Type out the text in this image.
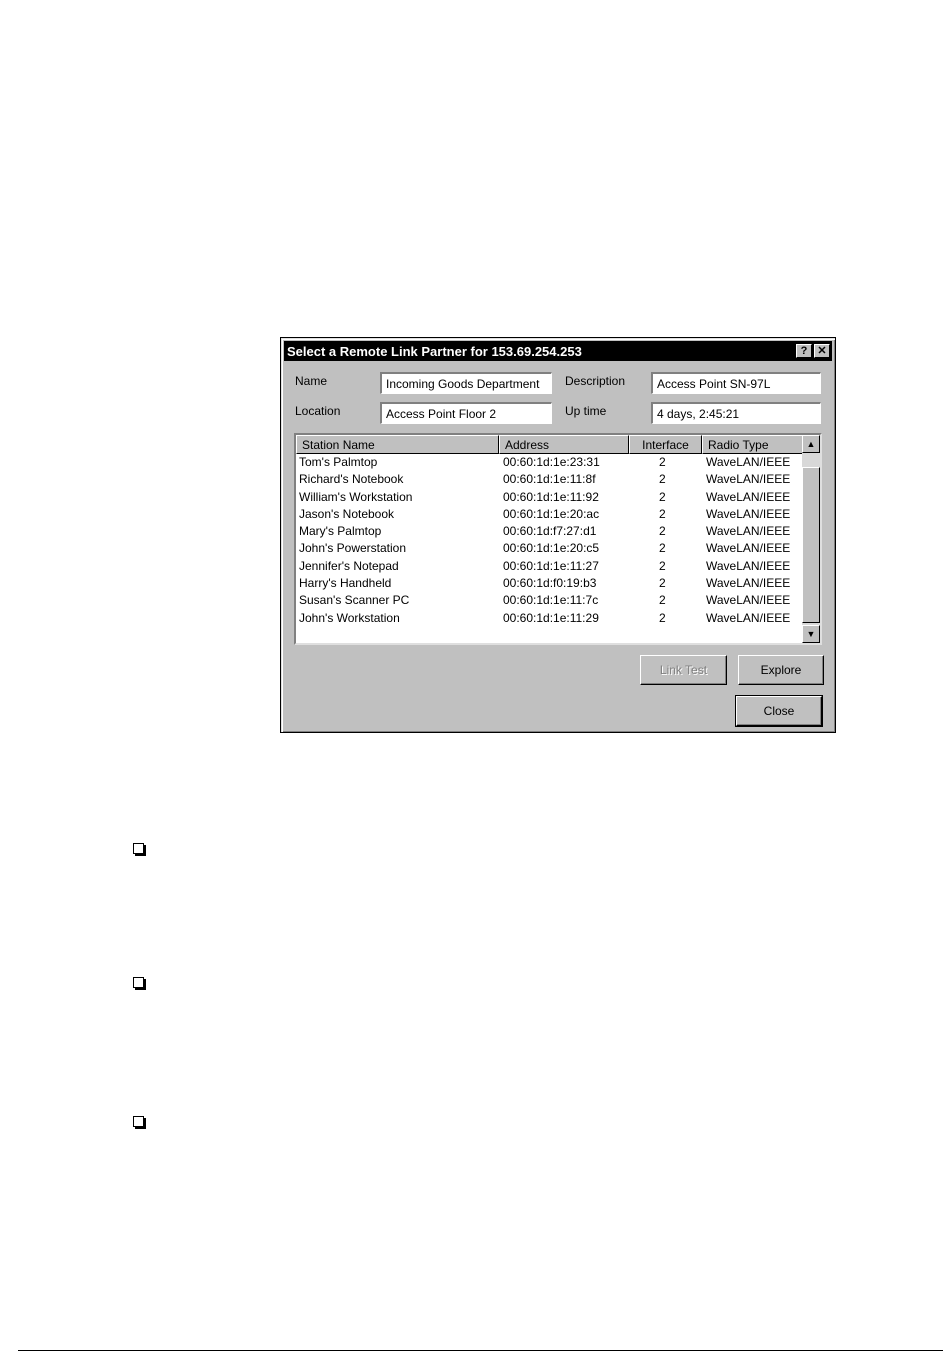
Select a Remote Link Partner for 153.69.254.253	? ✕
Name	Incoming Goods Department	Description	Access Point SN-97L
Location	Access Point Floor 2	Up time	4 days, 2:45:21
Station Name	Address	Interface	Radio Type
Tom's Palmtop	00:60:1d:1e:23:31	2	WaveLAN/IEEE
Richard's Notebook	00:60:1d:1e:11:8f	2	WaveLAN/IEEE
William's Workstation	00:60:1d:1e:11:92	2	WaveLAN/IEEE
Jason's Notebook	00:60:1d:1e:20:ac	2	WaveLAN/IEEE
Mary's Palmtop	00:60:1d:f7:27:d1	2	WaveLAN/IEEE
John's Powerstation	00:60:1d:1e:20:c5	2	WaveLAN/IEEE
Jennifer's Notepad	00:60:1d:1e:11:27	2	WaveLAN/IEEE
Harry's Handheld	00:60:1d:f0:19:b3	2	WaveLAN/IEEE
Susan's Scanner PC	00:60:1d:1e:11:7c	2	WaveLAN/IEEE
John's Workstation	00:60:1d:1e:11:29	2	WaveLAN/IEEE
▲
▼
Link Test	Explore
Close
